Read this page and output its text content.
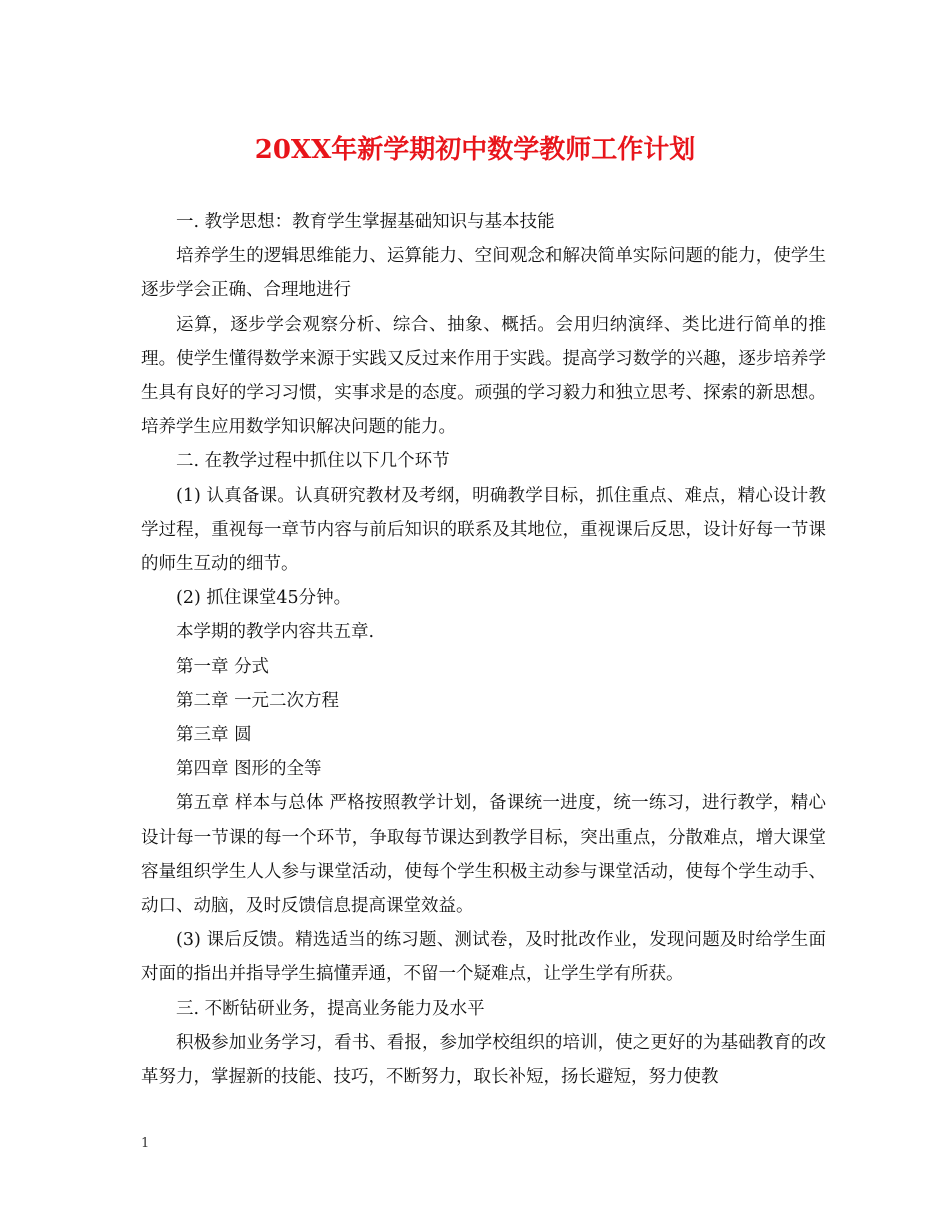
20XX年新学期初中数学教师工作计划

一. 教学思想：教育学生掌握基础知识与基本技能

培养学生的逻辑思维能力、运算能力、空间观念和解决简单实际问题的能力，使学生逐步学会正确、合理地进行

运算，逐步学会观察分析、综合、抽象、概括。会用归纳演绎、类比进行简单的推理。使学生懂得数学来源于实践又反过来作用于实践。提高学习数学的兴趣，逐步培养学生具有良好的学习习惯，实事求是的态度。顽强的学习毅力和独立思考、探索的新思想。培养学生应用数学知识解决问题的能力。

二. 在教学过程中抓住以下几个环节

(1) 认真备课。认真研究教材及考纲，明确教学目标，抓住重点、难点，精心设计教学过程，重视每一章节内容与前后知识的联系及其地位，重视课后反思，设计好每一节课的师生互动的细节。

(2) 抓住课堂45分钟。

本学期的教学内容共五章.

第一章 分式

第二章 一元二次方程

第三章 圆

第四章 图形的全等

第五章 样本与总体 严格按照教学计划，备课统一进度，统一练习，进行教学，精心设计每一节课的每一个环节，争取每节课达到教学目标，突出重点，分散难点，增大课堂容量组织学生人人参与课堂活动，使每个学生积极主动参与课堂活动，使每个学生动手、动口、动脑，及时反馈信息提高课堂效益。

(3) 课后反馈。精选适当的练习题、测试卷，及时批改作业，发现问题及时给学生面对面的指出并指导学生搞懂弄通，不留一个疑难点，让学生学有所获。

三. 不断钻研业务，提高业务能力及水平

积极参加业务学习，看书、看报，参加学校组织的培训，使之更好的为基础教育的改革努力，掌握新的技能、技巧，不断努力，取长补短，扬长避短，努力使教

1
